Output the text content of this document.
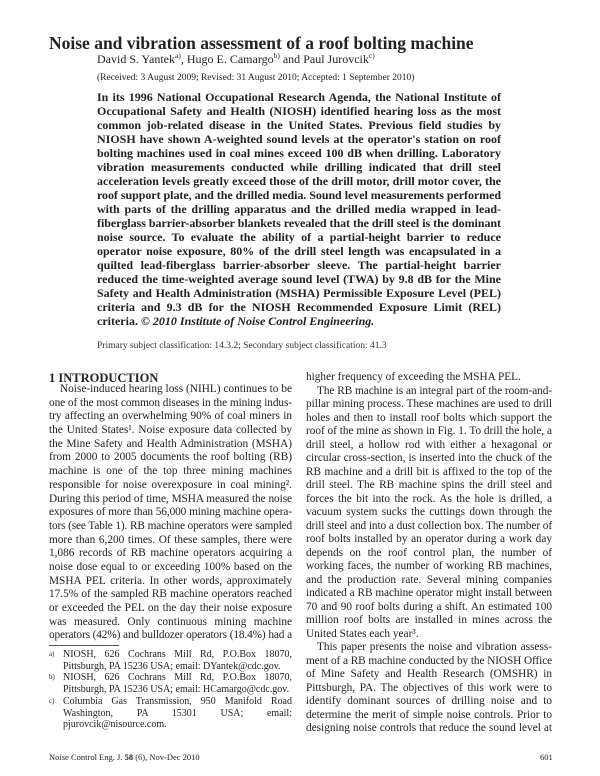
Noise and vibration assessment of a roof bolting machine
David S. Yantek$^{a)}$, Hugo E. Camargo$^{b)}$ and Paul Jurovcik$^{c)}$
(Received: 3 August 2009; Revised: 31 August 2010; Accepted: 1 September 2010)
In its 1996 National Occupational Research Agenda, the National Institute of
Occupational Safety and Health (NIOSH) identified hearing loss as the most
common job-related disease in the United States. Previous field studies by
NIOSH have shown A-weighted sound levels at the operator's station on roof
bolting machines used in coal mines exceed 100 dB when drilling. Laboratory
vibration measurements conducted while drilling indicated that drill steel
acceleration levels greatly exceed those of the drill motor, drill motor cover, the
roof support plate, and the drilled media. Sound level measurements performed
with parts of the drilling apparatus and the drilled media wrapped in lead-
fiberglass barrier-absorber blankets revealed that the drill steel is the dominant
noise source. To evaluate the ability of a partial-height barrier to reduce
operator noise exposure, 80% of the drill steel length was encapsulated in a
quilted lead-fiberglass barrier-absorber sleeve. The partial-height barrier
reduced the time-weighted average sound level (TWA) by 9.8 dB for the Mine
Safety and Health Administration (MSHA) Permissible Exposure Level (PEL)
criteria and 9.3 dB for the NIOSH Recommended Exposure Limit (REL)
criteria. © 2010 Institute of Noise Control Engineering.
Primary subject classification: 14.3.2; Secondary subject classification: 41.3
1 INTRODUCTION
Noise-induced hearing loss (NIHL) continues to be
one of the most common diseases in the mining indus-
try affecting an overwhelming 90% of coal miners in
the United States¹. Noise exposure data collected by
the Mine Safety and Health Administration (MSHA)
from 2000 to 2005 documents the roof bolting (RB)
machine is one of the top three mining machines
responsible for noise overexposure in coal mining².
During this period of time, MSHA measured the noise
exposures of more than 56,000 mining machine opera-
tors (see Table 1). RB machine operators were sampled
more than 6,200 times. Of these samples, there were
1,086 records of RB machine operators acquiring a
noise dose equal to or exceeding 100% based on the
MSHA PEL criteria. In other words, approximately
17.5% of the sampled RB machine operators reached
or exceeded the PEL on the day their noise exposure
was measured. Only continuous mining machine
operators (42%) and bulldozer operators (18.4%) had a
higher frequency of exceeding the MSHA PEL.
The RB machine is an integral part of the room-and-
pillar mining process. These machines are used to drill
holes and then to install roof bolts which support the
roof of the mine as shown in Fig. 1. To drill the hole, a
drill steel, a hollow rod with either a hexagonal or
circular cross-section, is inserted into the chuck of the
RB machine and a drill bit is affixed to the top of the
drill steel. The RB machine spins the drill steel and
forces the bit into the rock. As the hole is drilled, a
vacuum system sucks the cuttings down through the
drill steel and into a dust collection box. The number of
roof bolts installed by an operator during a work day
depends on the roof control plan, the number of
working faces, the number of working RB machines,
and the production rate. Several mining companies
indicated a RB machine operator might install between
70 and 90 roof bolts during a shift. An estimated 100
million roof bolts are installed in mines across the
United States each year³.
This paper presents the noise and vibration assess-
ment of a RB machine conducted by the NIOSH Office
of Mine Safety and Health Research (OMSHR) in
Pittsburgh, PA. The objectives of this work were to
identify dominant sources of drilling noise and to
determine the merit of simple noise controls. Prior to
designing noise controls that reduce the sound level at
a) NIOSH, 626 Cochrans Mill Rd, P.O.Box 18070, Pittsburgh, PA 15236 USA; email: DYantek@cdc.gov.
b) NIOSH, 626 Cochrans Mill Rd, P.O.Box 18070, Pittsburgh, PA 15236 USA; email: HCamargo@cdc.gov.
c) Columbia Gas Transmission, 950 Manifold Road Washington, PA 15301 USA; email: pjurovcik@nisource.com.
Noise Control Eng. J. 58 (6), Nov-Dec 2010	601
